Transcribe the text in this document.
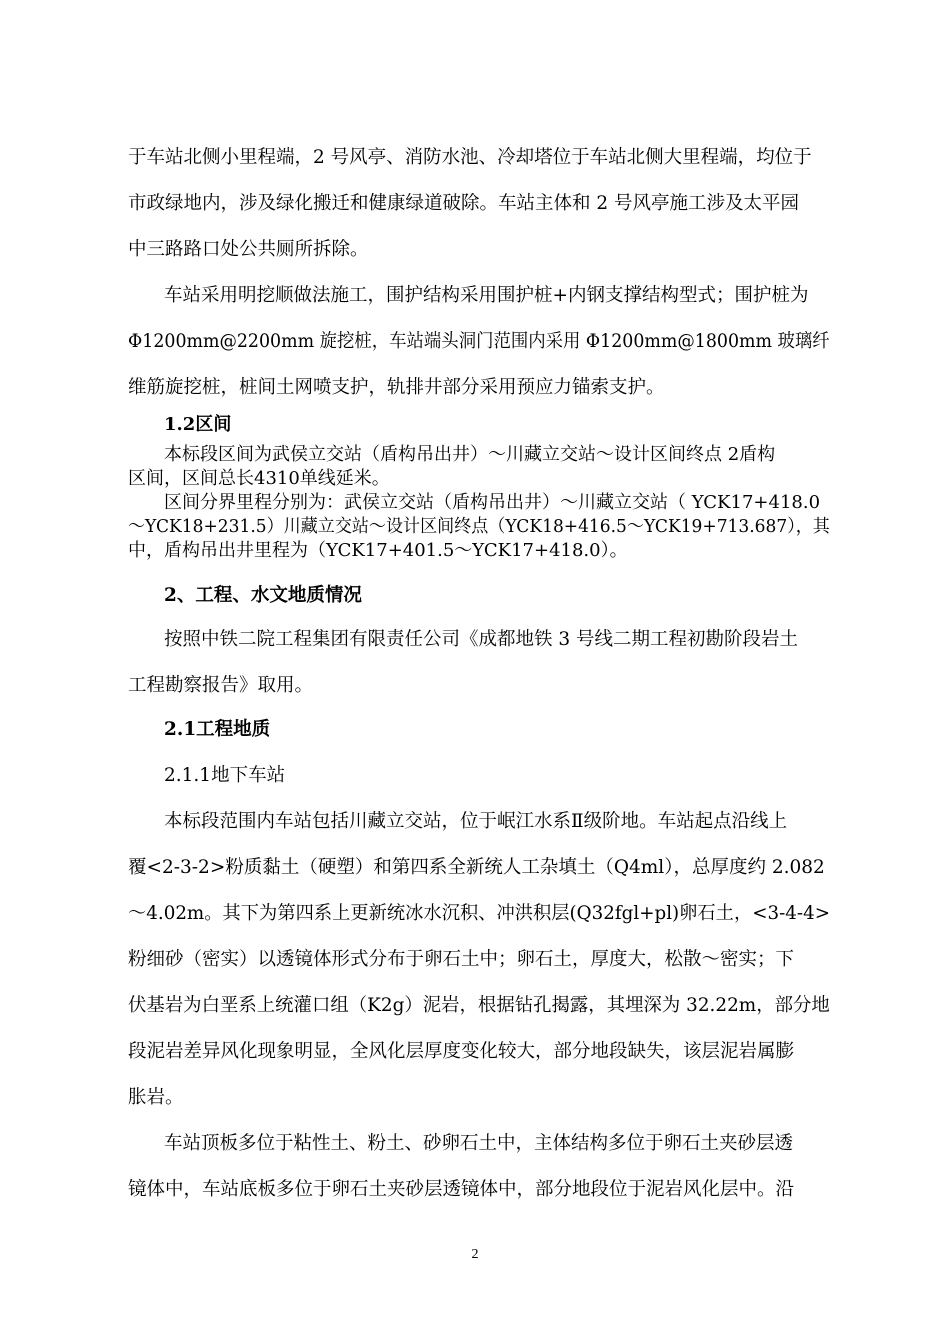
于车站北侧小里程端，2 号风亭、消防水池、冷却塔位于车站北侧大里程端，均位于
市政绿地内，涉及绿化搬迁和健康绿道破除。车站主体和 2 号风亭施工涉及太平园
中三路路口处公共厕所拆除。
车站采用明挖顺做法施工，围护结构采用围护桩+内钢支撑结构型式；围护桩为
Φ1200mm@2200mm 旋挖桩，车站端头洞门范围内采用 Φ1200mm@1800mm 玻璃纤
维筋旋挖桩，桩间土网喷支护，轨排井部分采用预应力锚索支护。
1.2区间
本标段区间为武侯立交站（盾构吊出井）～川藏立交站～设计区间终点 2盾构
区间，区间总长4310单线延米。
区间分界里程分别为：武侯立交站（盾构吊出井）～川藏立交站（ YCK17+418.0
～YCK18+231.5）川藏立交站～设计区间终点（YCK18+416.5～YCK19+713.687），其
中，盾构吊出井里程为（YCK17+401.5～YCK17+418.0）。
2、工程、水文地质情况
按照中铁二院工程集团有限责任公司《成都地铁 3 号线二期工程初勘阶段岩土
工程勘察报告》取用。
2.1工程地质
2.1.1地下车站
本标段范围内车站包括川藏立交站，位于岷江水系Ⅱ级阶地。车站起点沿线上
覆<2-3-2>粉质黏土（硬塑）和第四系全新统人工杂填土（Q4ml），总厚度约 2.082
～4.02m。其下为第四系上更新统冰水沉积、冲洪积层(Q32fgl+pl)卵石土，<3-4-4>
粉细砂（密实）以透镜体形式分布于卵石土中；卵石土，厚度大，松散～密实；下
伏基岩为白垩系上统灌口组（K2g）泥岩，根据钻孔揭露，其埋深为 32.22m，部分地
段泥岩差异风化现象明显，全风化层厚度变化较大，部分地段缺失，该层泥岩属膨
胀岩。
车站顶板多位于粘性土、粉土、砂卵石土中，主体结构多位于卵石土夹砂层透
镜体中，车站底板多位于卵石土夹砂层透镜体中，部分地段位于泥岩风化层中。沿
2
